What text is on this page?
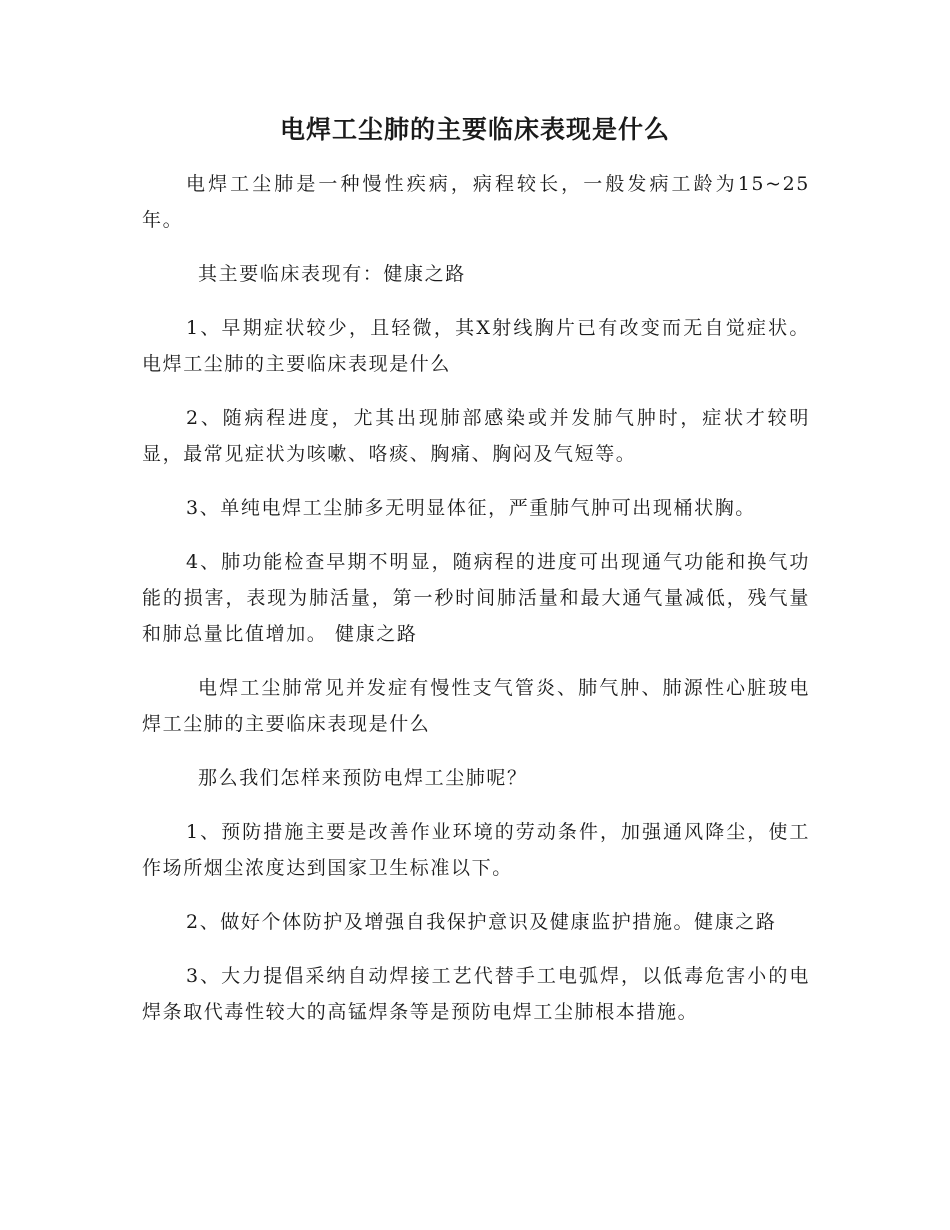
电焊工尘肺的主要临床表现是什么

电焊工尘肺是一种慢性疾病，病程较长，一般发病工龄为15~25年。

其主要临床表现有：健康之路

1、早期症状较少，且轻微，其X射线胸片已有改变而无自觉症状。电焊工尘肺的主要临床表现是什么

2、随病程进度，尤其出现肺部感染或并发肺气肿时，症状才较明显，最常见症状为咳嗽、咯痰、胸痛、胸闷及气短等。

3、单纯电焊工尘肺多无明显体征，严重肺气肿可出现桶状胸。

4、肺功能检查早期不明显，随病程的进度可出现通气功能和换气功能的损害，表现为肺活量，第一秒时间肺活量和最大通气量减低，残气量和肺总量比值增加。 健康之路

电焊工尘肺常见并发症有慢性支气管炎、肺气肿、肺源性心脏玻电焊工尘肺的主要临床表现是什么

那么我们怎样来预防电焊工尘肺呢？

1、预防措施主要是改善作业环境的劳动条件，加强通风降尘，使工作场所烟尘浓度达到国家卫生标准以下。

2、做好个体防护及增强自我保护意识及健康监护措施。健康之路

3、大力提倡采纳自动焊接工艺代替手工电弧焊，以低毒危害小的电焊条取代毒性较大的高锰焊条等是预防电焊工尘肺根本措施。
